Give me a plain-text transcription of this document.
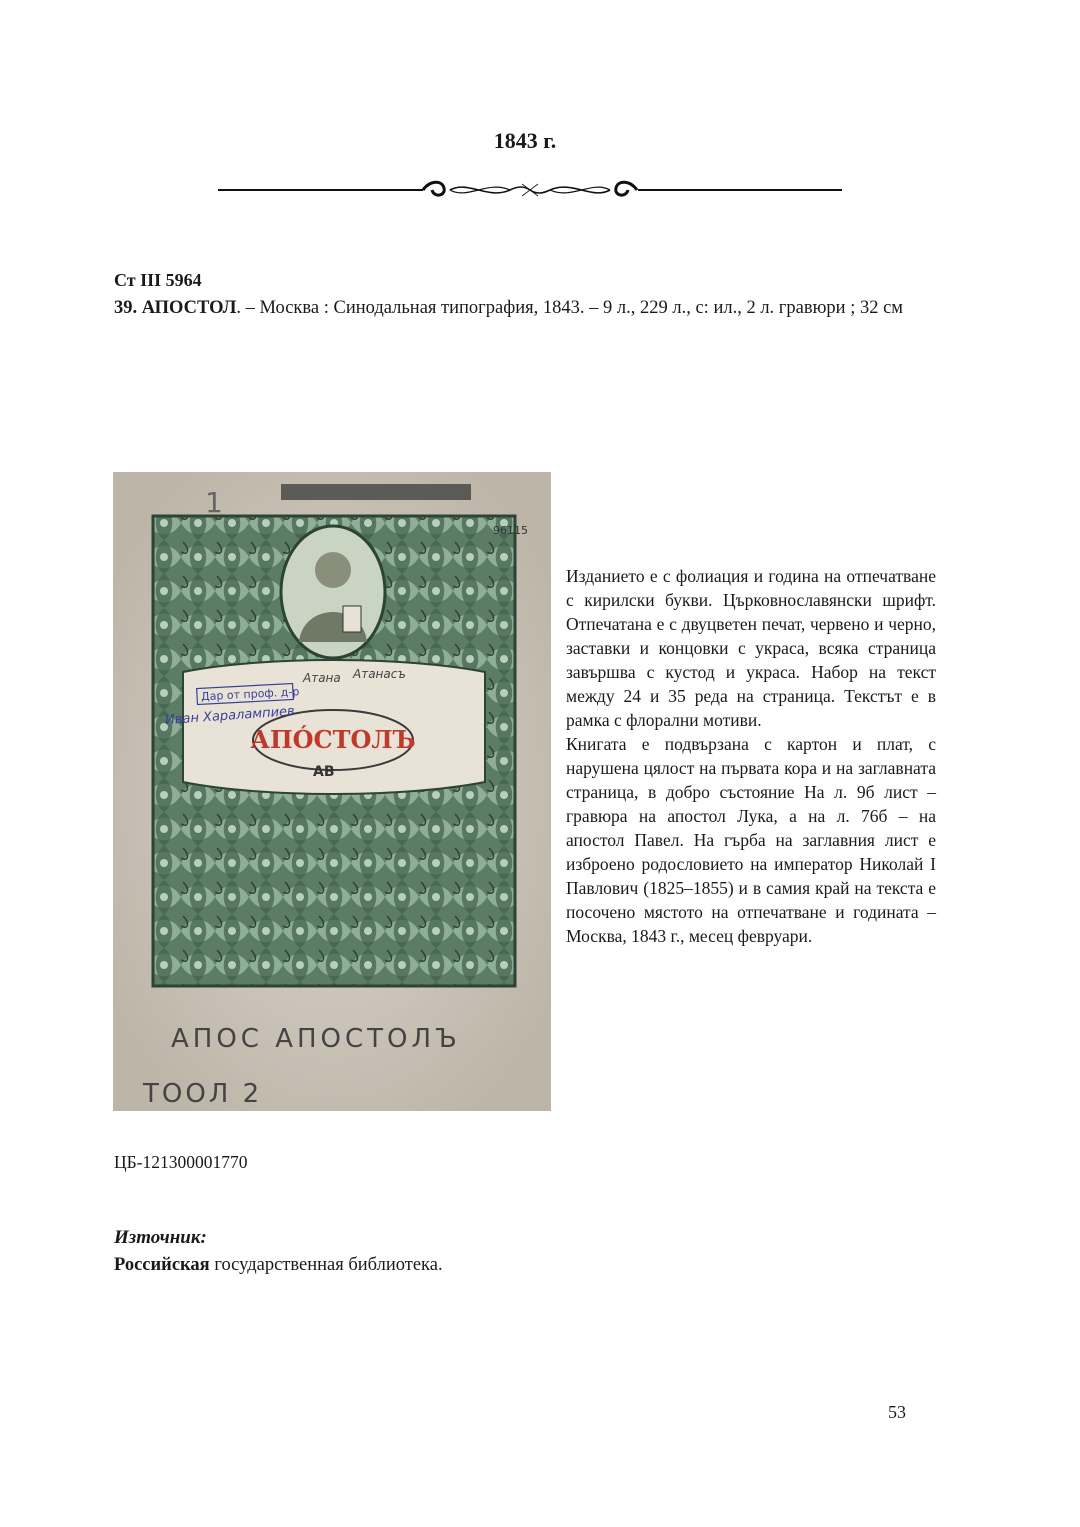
1843 г.
Ст III 5964
39. АПОСТОЛ. – Москва : Синодальная типография, 1843. – 9 л., 229 л., с: ил., 2 л. гравюри ; 32 см
АПÓСТОЛЪ
Дар от проф. д-р
Иван Харалампиев
Атана Атанасъ
АВ
96115
1
АПОС АПОСТОЛЪ
ТООЛ 2

Изданието е с фолиация и година на отпечатване с кирилски букви. Църковнославянски шрифт. Отпечатана е с двуцветен печат, червено и черно, заставки и концовки с украса, всяка страница завършва с кустод и украса. Набор на текст между 24 и 35 реда на страница. Текстът е в рамка с флорални мотиви.

Книгата е подвързана с картон и плат, с нарушена цялост на първата кора и на заглавната страница, в добро състояние На л. 9б лист – гравюра на апостол Лука, а на л. 76б – на апостол Павел. На гърба на заглавния лист е изброено родословието на император Николай I Павлович (1825–1855) и в самия край на текста е посочено мястото на отпечатване и годината – Москва, 1843 г., месец февруари.

ЦБ-121300001770
Източник:
Российская государственная библиотека.
53
